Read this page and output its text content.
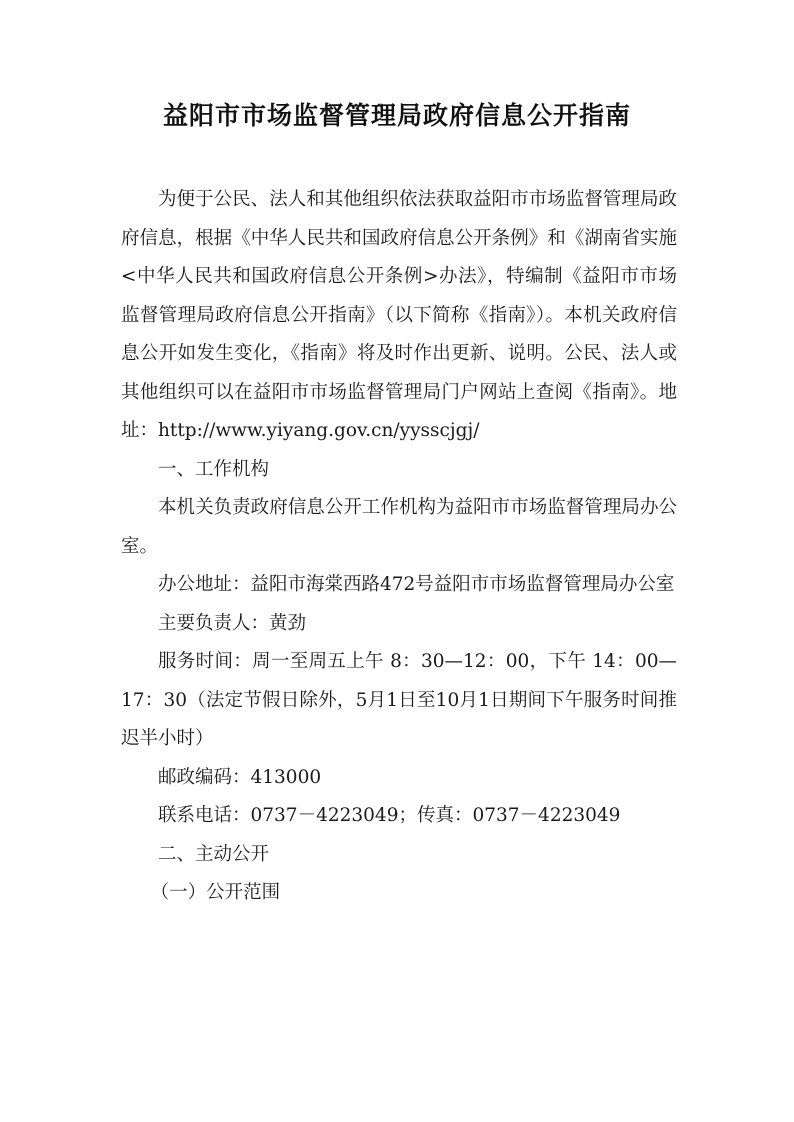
益阳市市场监督管理局政府信息公开指南

为便于公民、法人和其他组织依法获取益阳市市场监督管理局政府信息，根据《中华人民共和国政府信息公开条例》和《湖南省实施<中华人民共和国政府信息公开条例>办法》，特编制《益阳市市场监督管理局政府信息公开指南》（以下简称《指南》）。本机关政府信息公开如发生变化，《指南》将及时作出更新、说明。公民、法人或其他组织可以在益阳市市场监督管理局门户网站上查阅《指南》。地址：http://www.yiyang.gov.cn/yysscjgj/

一、工作机构

本机关负责政府信息公开工作机构为益阳市市场监督管理局办公室。

办公地址：益阳市海棠西路472号益阳市市场监督管理局办公室

主要负责人：黄劲

服务时间：周一至周五上午 8：30—12：00，下午 14：00—17：30（法定节假日除外，5月1日至10月1日期间下午服务时间推迟半小时）

邮政编码：413000

联系电话：0737－4223049；传真：0737－4223049

二、主动公开

（一）公开范围
